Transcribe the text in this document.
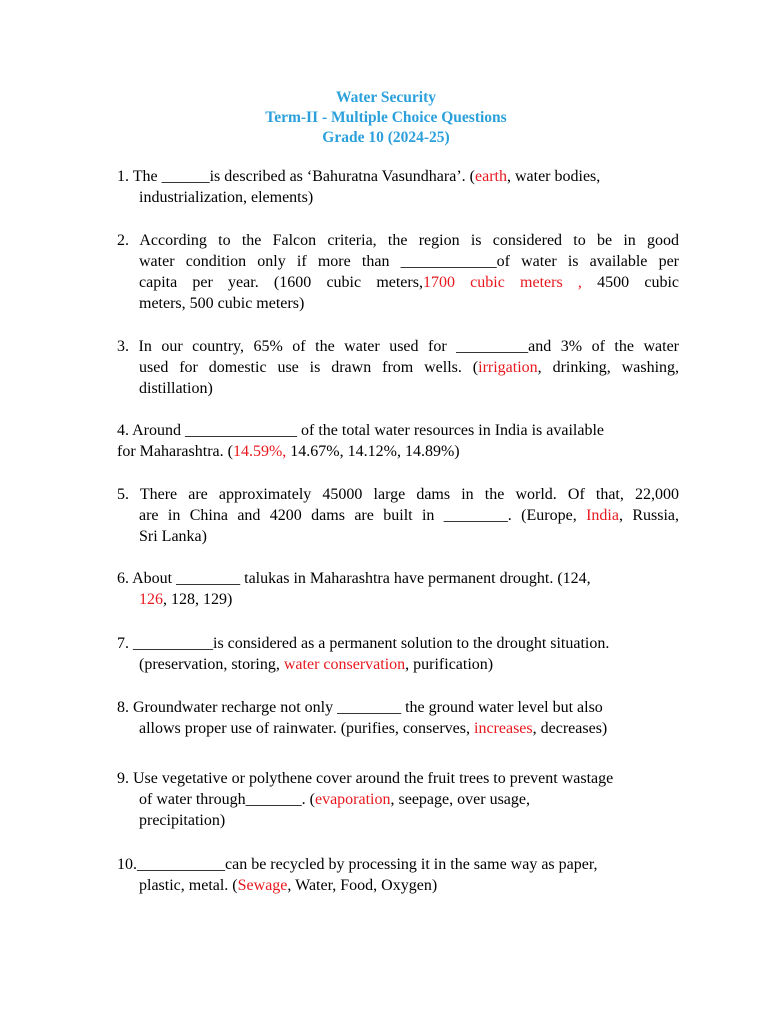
Water Security
Term-II - Multiple Choice Questions
Grade 10 (2024-25)
1. The ______is described as ‘Bahuratna Vasundhara’. (earth, water bodies,
industrialization, elements)
2. According to the Falcon criteria, the region is considered to be in good
water condition only if more than ____________of water is available per
capita per year. (1600 cubic meters,1700 cubic meters , 4500 cubic
meters, 500 cubic meters)
3. In our country, 65% of the water used for _________and 3% of the water
used for domestic use is drawn from wells. (irrigation, drinking, washing,
distillation)
4. Around ______________ of the total water resources in India is available
for Maharashtra. (14.59%, 14.67%, 14.12%, 14.89%)
5. There are approximately 45000 large dams in the world. Of that, 22,000
are in China and 4200 dams are built in ________. (Europe, India, Russia,
Sri Lanka)
6. About ________ talukas in Maharashtra have permanent drought. (124,
126, 128, 129)
7. __________is considered as a permanent solution to the drought situation.
(preservation, storing, water conservation, purification)
8. Groundwater recharge not only ________ the ground water level but also
allows proper use of rainwater. (purifies, conserves, increases, decreases)
9. Use vegetative or polythene cover around the fruit trees to prevent wastage
of water through_______. (evaporation, seepage, over usage,
precipitation)
10.___________can be recycled by processing it in the same way as paper,
plastic, metal. (Sewage, Water, Food, Oxygen)
